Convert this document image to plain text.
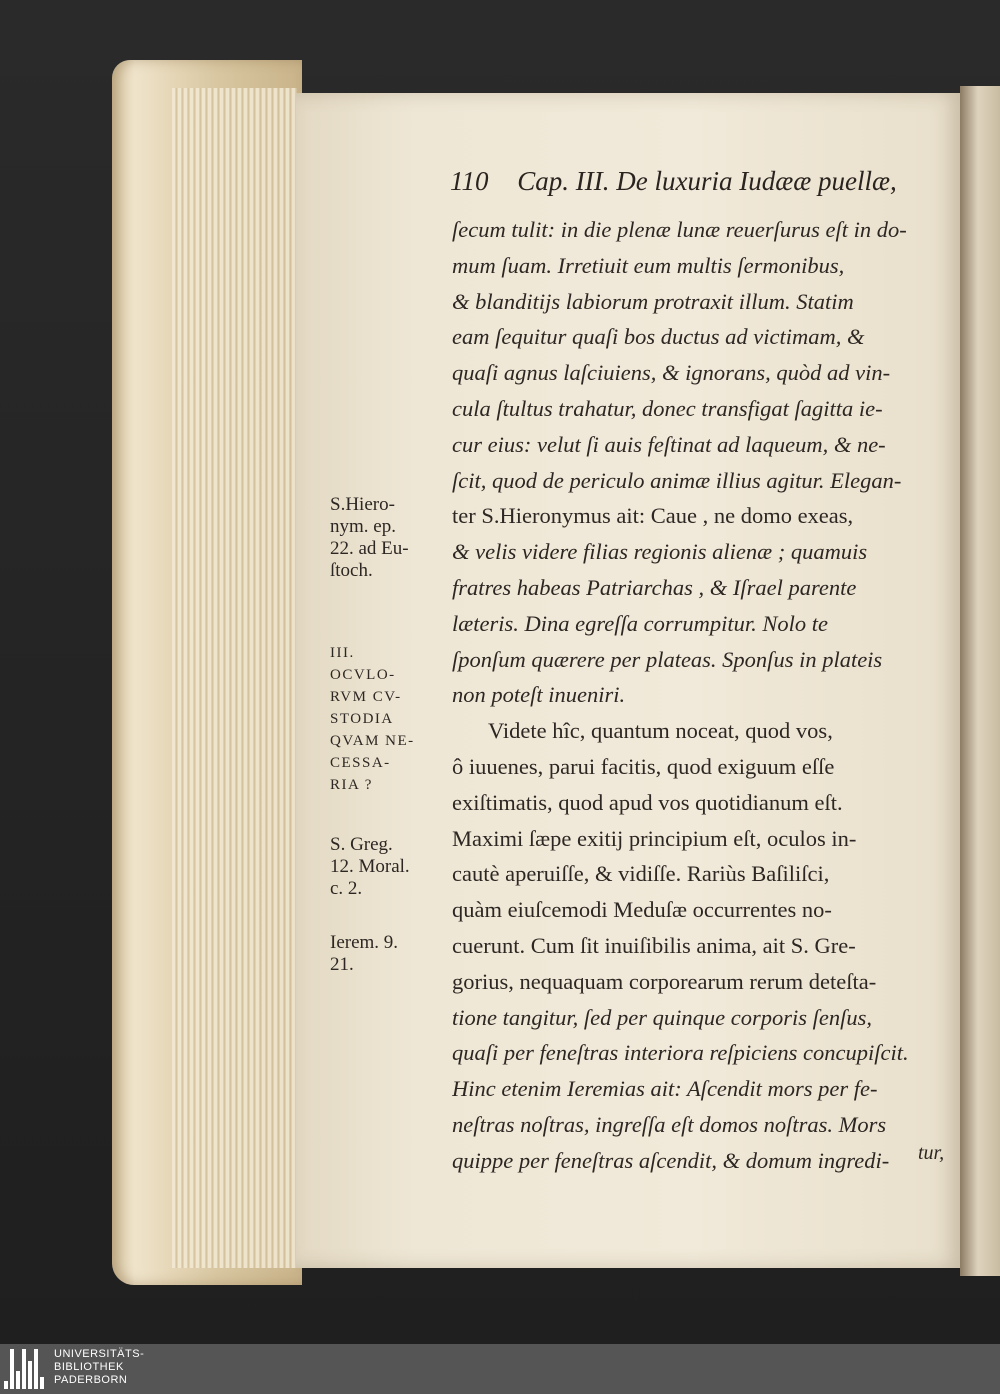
110 Cap. III. De luxuria Iudææ puellæ,
ſecum tulit: in die plenæ lunæ reuerſurus eſt in do-
mum ſuam. Irretiuit eum multis ſermonibus,
& blanditijs labiorum protraxit illum. Statim
eam ſequitur quaſi bos ductus ad victimam, &
quaſi agnus laſciuiens, & ignorans, quòd ad vin-
cula ſtultus trahatur, donec transfigat ſagitta ie-
cur eius: velut ſi auis feſtinat ad laqueum, & ne-
ſcit, quod de periculo animæ illius agitur. Elegan-
ter S.Hieronymus ait: Caue , ne domo exeas,
& velis videre filias regionis alienæ ; quamuis
fratres habeas Patriarchas , & Iſrael parente
læteris. Dina egreſſa corrumpitur. Nolo te
ſponſum quærere per plateas. Sponſus in plateis
non poteſt inueniri.
Videte hîc, quantum noceat, quod vos,
ô iuuenes, parui facitis, quod exiguum eſſe
exiſtimatis, quod apud vos quotidianum eſt.
Maximi ſæpe exitij principium eſt, oculos in-
cautè aperuiſſe, & vidiſſe. Rariùs Baſiliſci,
quàm eiuſcemodi Meduſæ occurrentes no-
cuerunt. Cum ſit inuiſibilis anima, ait S. Gre-
gorius, nequaquam corporearum rerum deteſta-
tione tangitur, ſed per quinque corporis ſenſus,
quaſi per feneſtras interiora reſpiciens concupiſcit.
Hinc etenim Ieremias ait: Aſcendit mors per fe-
neſtras noſtras, ingreſſa eſt domos noſtras. Mors
quippe per feneſtras aſcendit, & domum ingredi-
S.Hiero-
nym. ep.
22. ad Eu-
ſtoch.
III.
OCVLO-
RVM CV-
STODIA
QVAM NE-
CESSA-
RIA ?
S. Greg.
12. Moral.
c. 2.
Ierem. 9.
21.
tur,
UNIVERSITÄTS-
BIBLIOTHEK
PADERBORN
